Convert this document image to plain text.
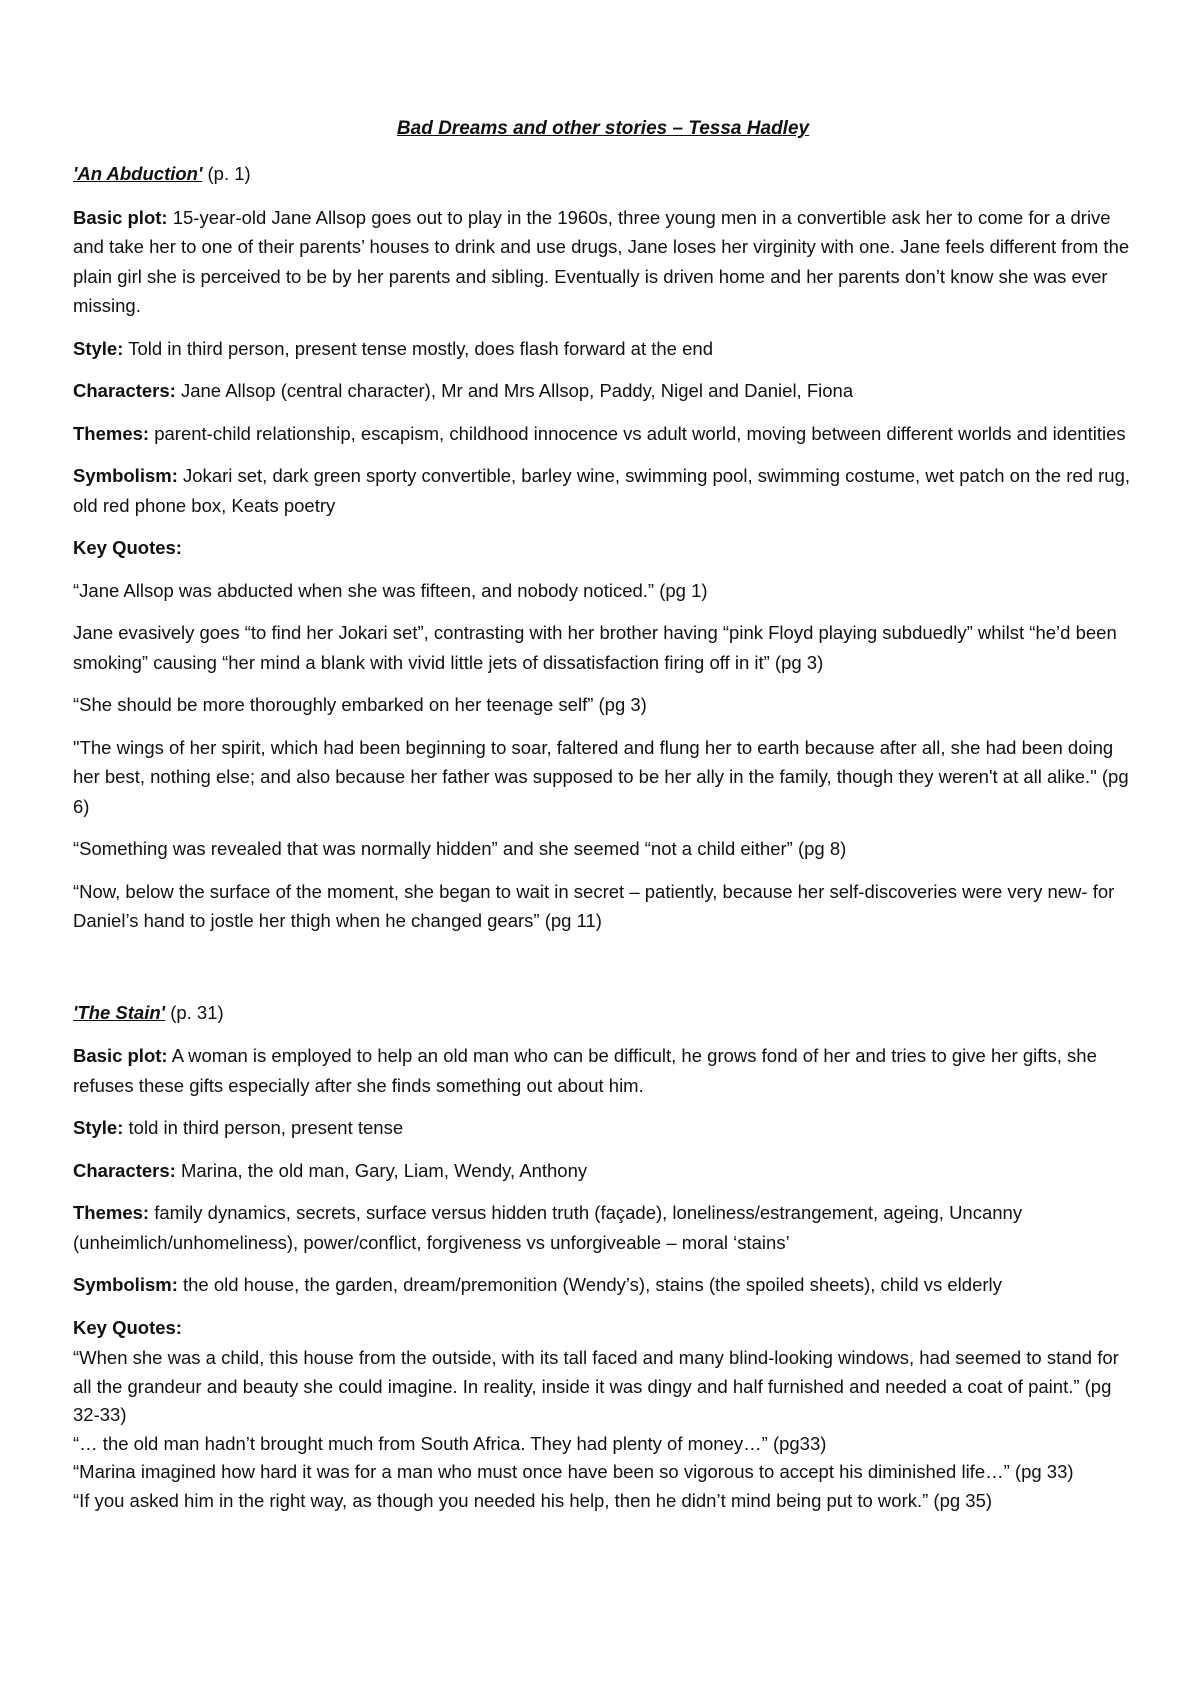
Bad Dreams and other stories – Tessa Hadley

'An Abduction' (p. 1)

Basic plot: 15-year-old Jane Allsop goes out to play in the 1960s, three young men in a convertible ask her to come for a drive and take her to one of their parents’ houses to drink and use drugs, Jane loses her virginity with one. Jane feels different from the plain girl she is perceived to be by her parents and sibling. Eventually is driven home and her parents don’t know she was ever missing.

Style: Told in third person, present tense mostly, does flash forward at the end

Characters: Jane Allsop (central character), Mr and Mrs Allsop, Paddy, Nigel and Daniel, Fiona

Themes: parent-child relationship, escapism, childhood innocence vs adult world, moving between different worlds and identities

Symbolism: Jokari set, dark green sporty convertible, barley wine, swimming pool, swimming costume, wet patch on the red rug, old red phone box, Keats poetry

Key Quotes:

“Jane Allsop was abducted when she was fifteen, and nobody noticed.” (pg 1)

Jane evasively goes “to find her Jokari set”, contrasting with her brother having “pink Floyd playing subduedly” whilst “he’d been smoking” causing “her mind a blank with vivid little jets of dissatisfaction firing off in it” (pg 3)

“She should be more thoroughly embarked on her teenage self” (pg 3)

"The wings of her spirit, which had been beginning to soar, faltered and flung her to earth because after all, she had been doing her best, nothing else; and also because her father was supposed to be her ally in the family, though they weren't at all alike." (pg 6)

“Something was revealed that was normally hidden” and she seemed “not a child either” (pg 8)

“Now, below the surface of the moment, she began to wait in secret – patiently, because her self-discoveries were very new- for Daniel’s hand to jostle her thigh when he changed gears” (pg 11)

'The Stain' (p. 31)

Basic plot: A woman is employed to help an old man who can be difficult, he grows fond of her and tries to give her gifts, she refuses these gifts especially after she finds something out about him.

Style: told in third person, present tense

Characters: Marina, the old man, Gary, Liam, Wendy, Anthony

Themes: family dynamics, secrets, surface versus hidden truth (façade), loneliness/estrangement, ageing, Uncanny (unheimlich/unhomeliness), power/conflict, forgiveness vs unforgiveable – moral ‘stains’

Symbolism: the old house, the garden, dream/premonition (Wendy’s), stains (the spoiled sheets), child vs elderly

Key Quotes:

“When she was a child, this house from the outside, with its tall faced and many blind-looking windows, had seemed to stand for all the grandeur and beauty she could imagine. In reality, inside it was dingy and half furnished and needed a coat of paint.” (pg 32-33)

“… the old man hadn’t brought much from South Africa. They had plenty of money…” (pg33)

“Marina imagined how hard it was for a man who must once have been so vigorous to accept his diminished life…” (pg 33)

“If you asked him in the right way, as though you needed his help, then he didn’t mind being put to work.” (pg 35)
